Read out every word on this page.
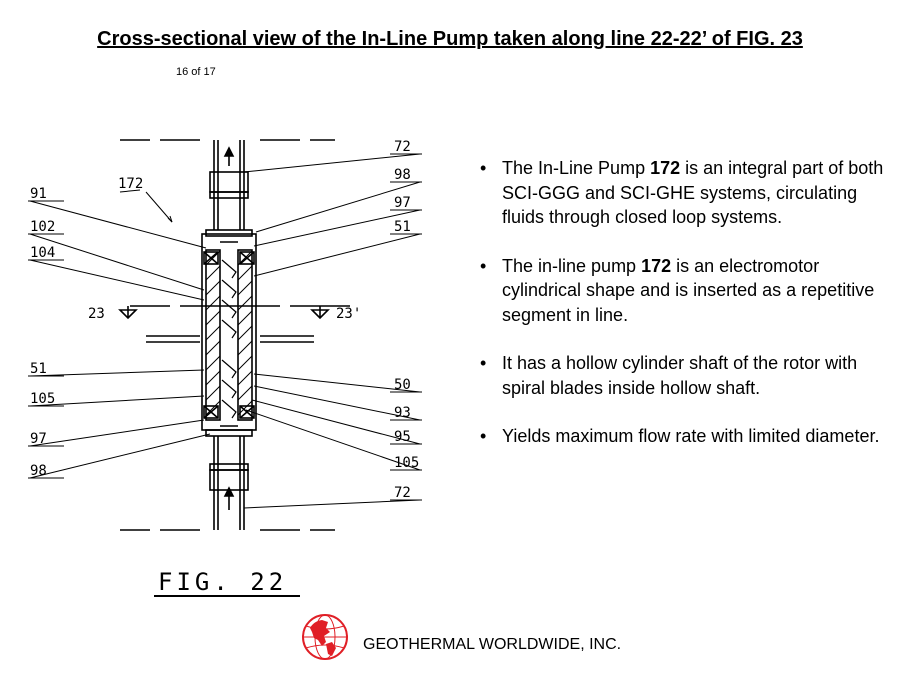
Cross-sectional view of the In-Line Pump taken along line 22-22’ of FIG. 23
16 of 17
172
91
102
104
23	23'
51
105
97
98
72
98
97
51
50
93
95
105
72
FIG. 22
• The In-Line Pump 172 is an integral part of both SCI-GGG and SCI-GHE systems, circulating fluids through closed loop systems.
• The in-line pump 172 is an electromotor cylindrical shape and is inserted as a repetitive segment in line.
• It has a hollow cylinder shaft of the rotor with spiral blades inside hollow shaft.
• Yields maximum flow rate with limited diameter.
GEOTHERMAL WORLDWIDE, INC.
